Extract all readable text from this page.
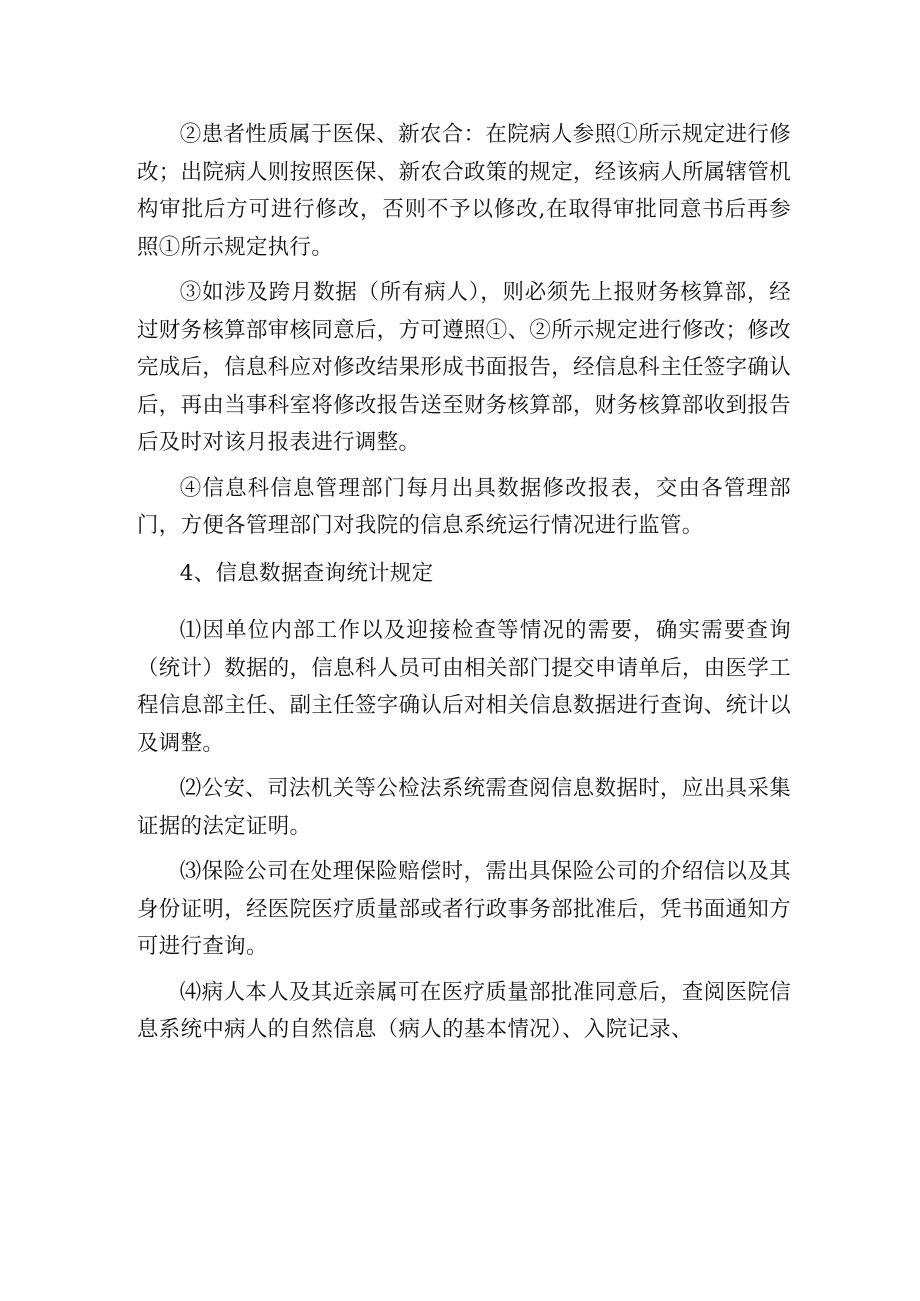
②患者性质属于医保、新农合：在院病人参照①所示规定进行修改；出院病人则按照医保、新农合政策的规定，经该病人所属辖管机构审批后方可进行修改，否则不予以修改,在取得审批同意书后再参照①所示规定执行。

③如涉及跨月数据（所有病人），则必须先上报财务核算部，经过财务核算部审核同意后，方可遵照①、②所示规定进行修改；修改完成后，信息科应对修改结果形成书面报告，经信息科主任签字确认后，再由当事科室将修改报告送至财务核算部，财务核算部收到报告后及时对该月报表进行调整。

④信息科信息管理部门每月出具数据修改报表，交由各管理部门，方便各管理部门对我院的信息系统运行情况进行监管。

4、信息数据查询统计规定

⑴因单位内部工作以及迎接检查等情况的需要，确实需要查询（统计）数据的，信息科人员可由相关部门提交申请单后，由医学工程信息部主任、副主任签字确认后对相关信息数据进行查询、统计以及调整。

⑵公安、司法机关等公检法系统需查阅信息数据时，应出具采集证据的法定证明。

⑶保险公司在处理保险赔偿时，需出具保险公司的介绍信以及其身份证明，经医院医疗质量部或者行政事务部批准后，凭书面通知方可进行查询。

⑷病人本人及其近亲属可在医疗质量部批准同意后，查阅医院信息系统中病人的自然信息（病人的基本情况）、入院记录、
